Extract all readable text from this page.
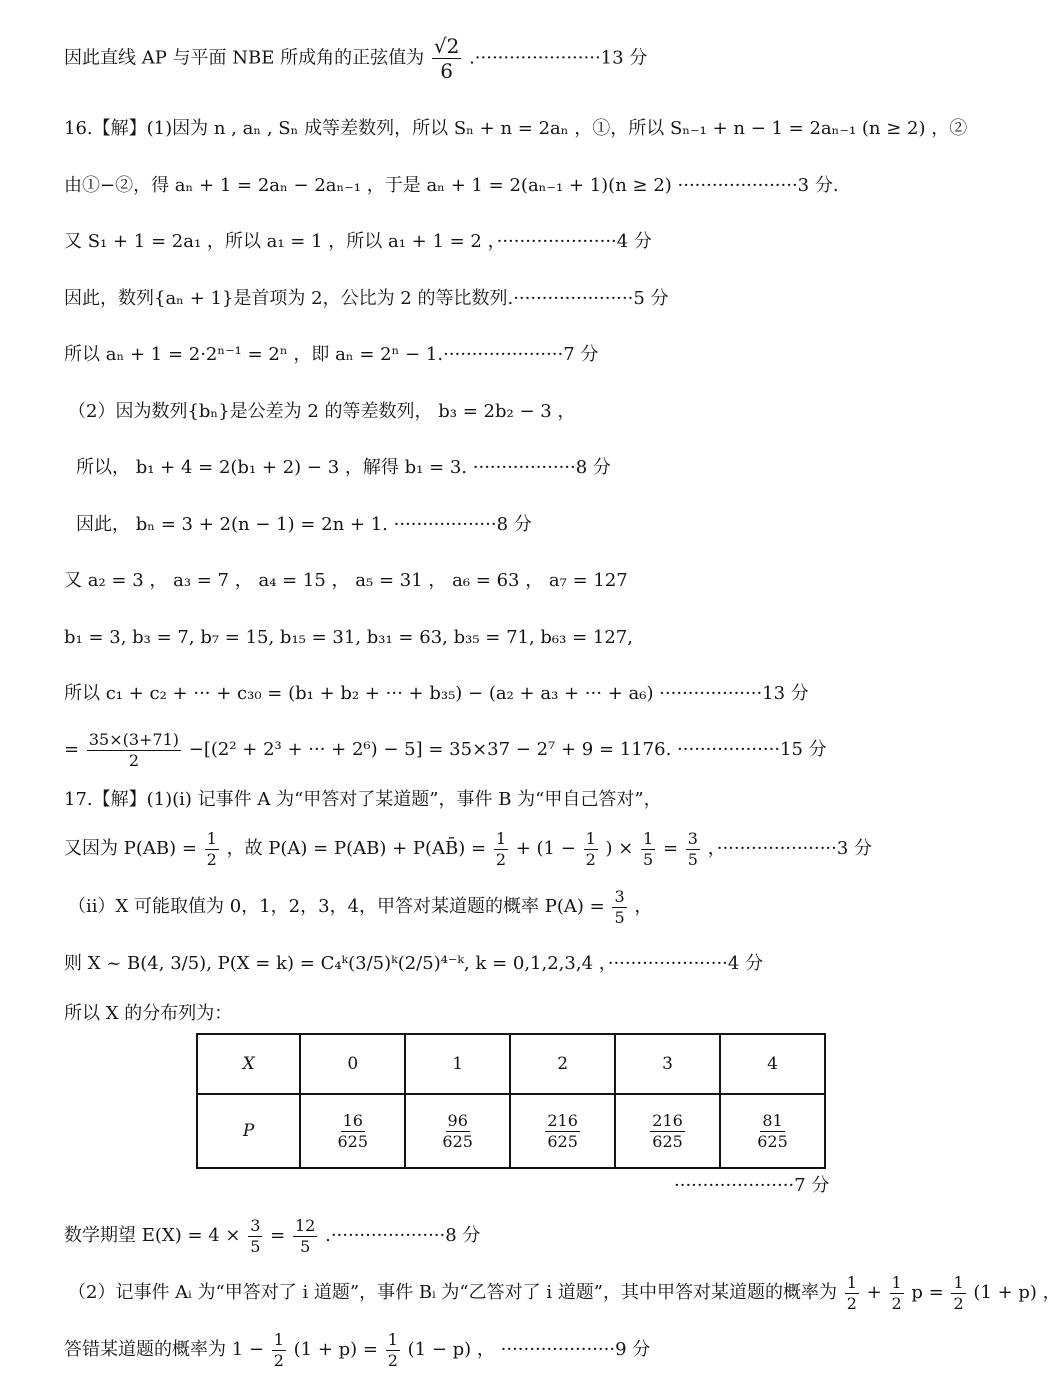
因此直线 AP 与平面 NBE 所成角的正弦值为 $\frac{√2}{6} .\cdot\cdot\cdot\cdot\cdot\cdot\cdot\cdot\cdot\cdot\cdot\cdot\cdot\cdot\cdot\cdot\cdot\cdot\cdot\cdot\cdot\cdot 13$ 分
16.【解】(1)因为 n , aₙ , Sₙ 成等差数列，所以 Sₙ + n = 2aₙ ，①，所以 Sₙ₋₁ + n − 1 = 2aₙ₋₁ (n ≥ 2) ，②
由①−②，得 aₙ + 1 = 2aₙ − 2aₙ₋₁ ，于是 aₙ + 1 = 2(aₙ₋₁ + 1)(n ≥ 2) ·····················3 分.
又 S₁ + 1 = 2a₁ ，所以 a₁ = 1 ，所以 a₁ + 1 = 2 ，·····················4 分
因此，数列{aₙ + 1}是首项为 2，公比为 2 的等比数列.·····················5 分
所以 aₙ + 1 = 2·2ⁿ⁻¹ = 2ⁿ ，即 aₙ = 2ⁿ − 1.·····················7 分
（2）因为数列{bₙ}是公差为 2 的等差数列， b₃ = 2b₂ − 3 ，
所以， b₁ + 4 = 2(b₁ + 2) − 3 ，解得 b₁ = 3. ··················8 分
因此， bₙ = 3 + 2(n − 1) = 2n + 1. ··················8 分
又 a₂ = 3 ， a₃ = 7 ， a₄ = 15 ， a₅ = 31 ， a₆ = 63 ， a₇ = 127
b₁ = 3, b₃ = 7, b₇ = 15, b₁₅ = 31, b₃₁ = 63, b₃₅ = 71, b₆₃ = 127,
所以 c₁ + c₂ + ··· + c₃₀ = (b₁ + b₂ + ··· + b₃₅) − (a₂ + a₃ + ··· + a₆) ··················13 分
= $\frac{35\times(3+71)}{2} -[(2^2 + 2^3$ + ··· + 2⁶) − 5] = 35×37 − 2⁷ + 9 = 1176. ··················15 分
17.【解】(1)(i) 记事件 A 为“甲答对了某道题”，事件 B 为“甲自己答对”，
又因为 $P(AB) = \frac{1}{2}$ ，故 P(A) = P(AB) + P(AB̄) = $\frac{1}{2} + (1 - \frac{1}{2}$ ) × $\frac{1}{5} = \frac{3}{5}$ ，·····················3 分
（ii）X 可能取值为 0，1，2，3，4，甲答对某道题的概率 $P(A) = \frac{3}{5}$ ，
则 X ~ B(4, 3/5), P(X = k) = C₄ᵏ(3/5)ᵏ(2/5)⁴⁻ᵏ, k = 0,1,2,3,4 ，·····················4 分
所以 X 的分布列为：
X	0	1	2	3	4
P	$\frac{16}{625}$	$\frac{96}{625}$	$\frac{216}{625}$	$\frac{216}{625}$	$\frac{81}{625}$
·····················7 分
数学期望 $E(X) = 4 \times \frac{3}{5} = \frac{12}{5} .\cdot\cdot\cdot\cdot\cdot\cdot\cdot\cdot\cdot\cdot\cdot\cdot\cdot\cdot\cdot\cdot\cdot\cdot\cdot\cdot 8$ 分
（2）记事件 Aᵢ 为“甲答对了 i 道题”，事件 Bᵢ 为“乙答对了 i 道题”，其中甲答对某道题的概率为 $\frac{1}{2} + \frac{1}{2}$ $p = \frac{1}{2} (1 + p)$ ，
答错某道题的概率为 $1 - \frac{1}{2} (1 + p) = \frac{1}{2} (1 - p)$ ， ····················9 分
